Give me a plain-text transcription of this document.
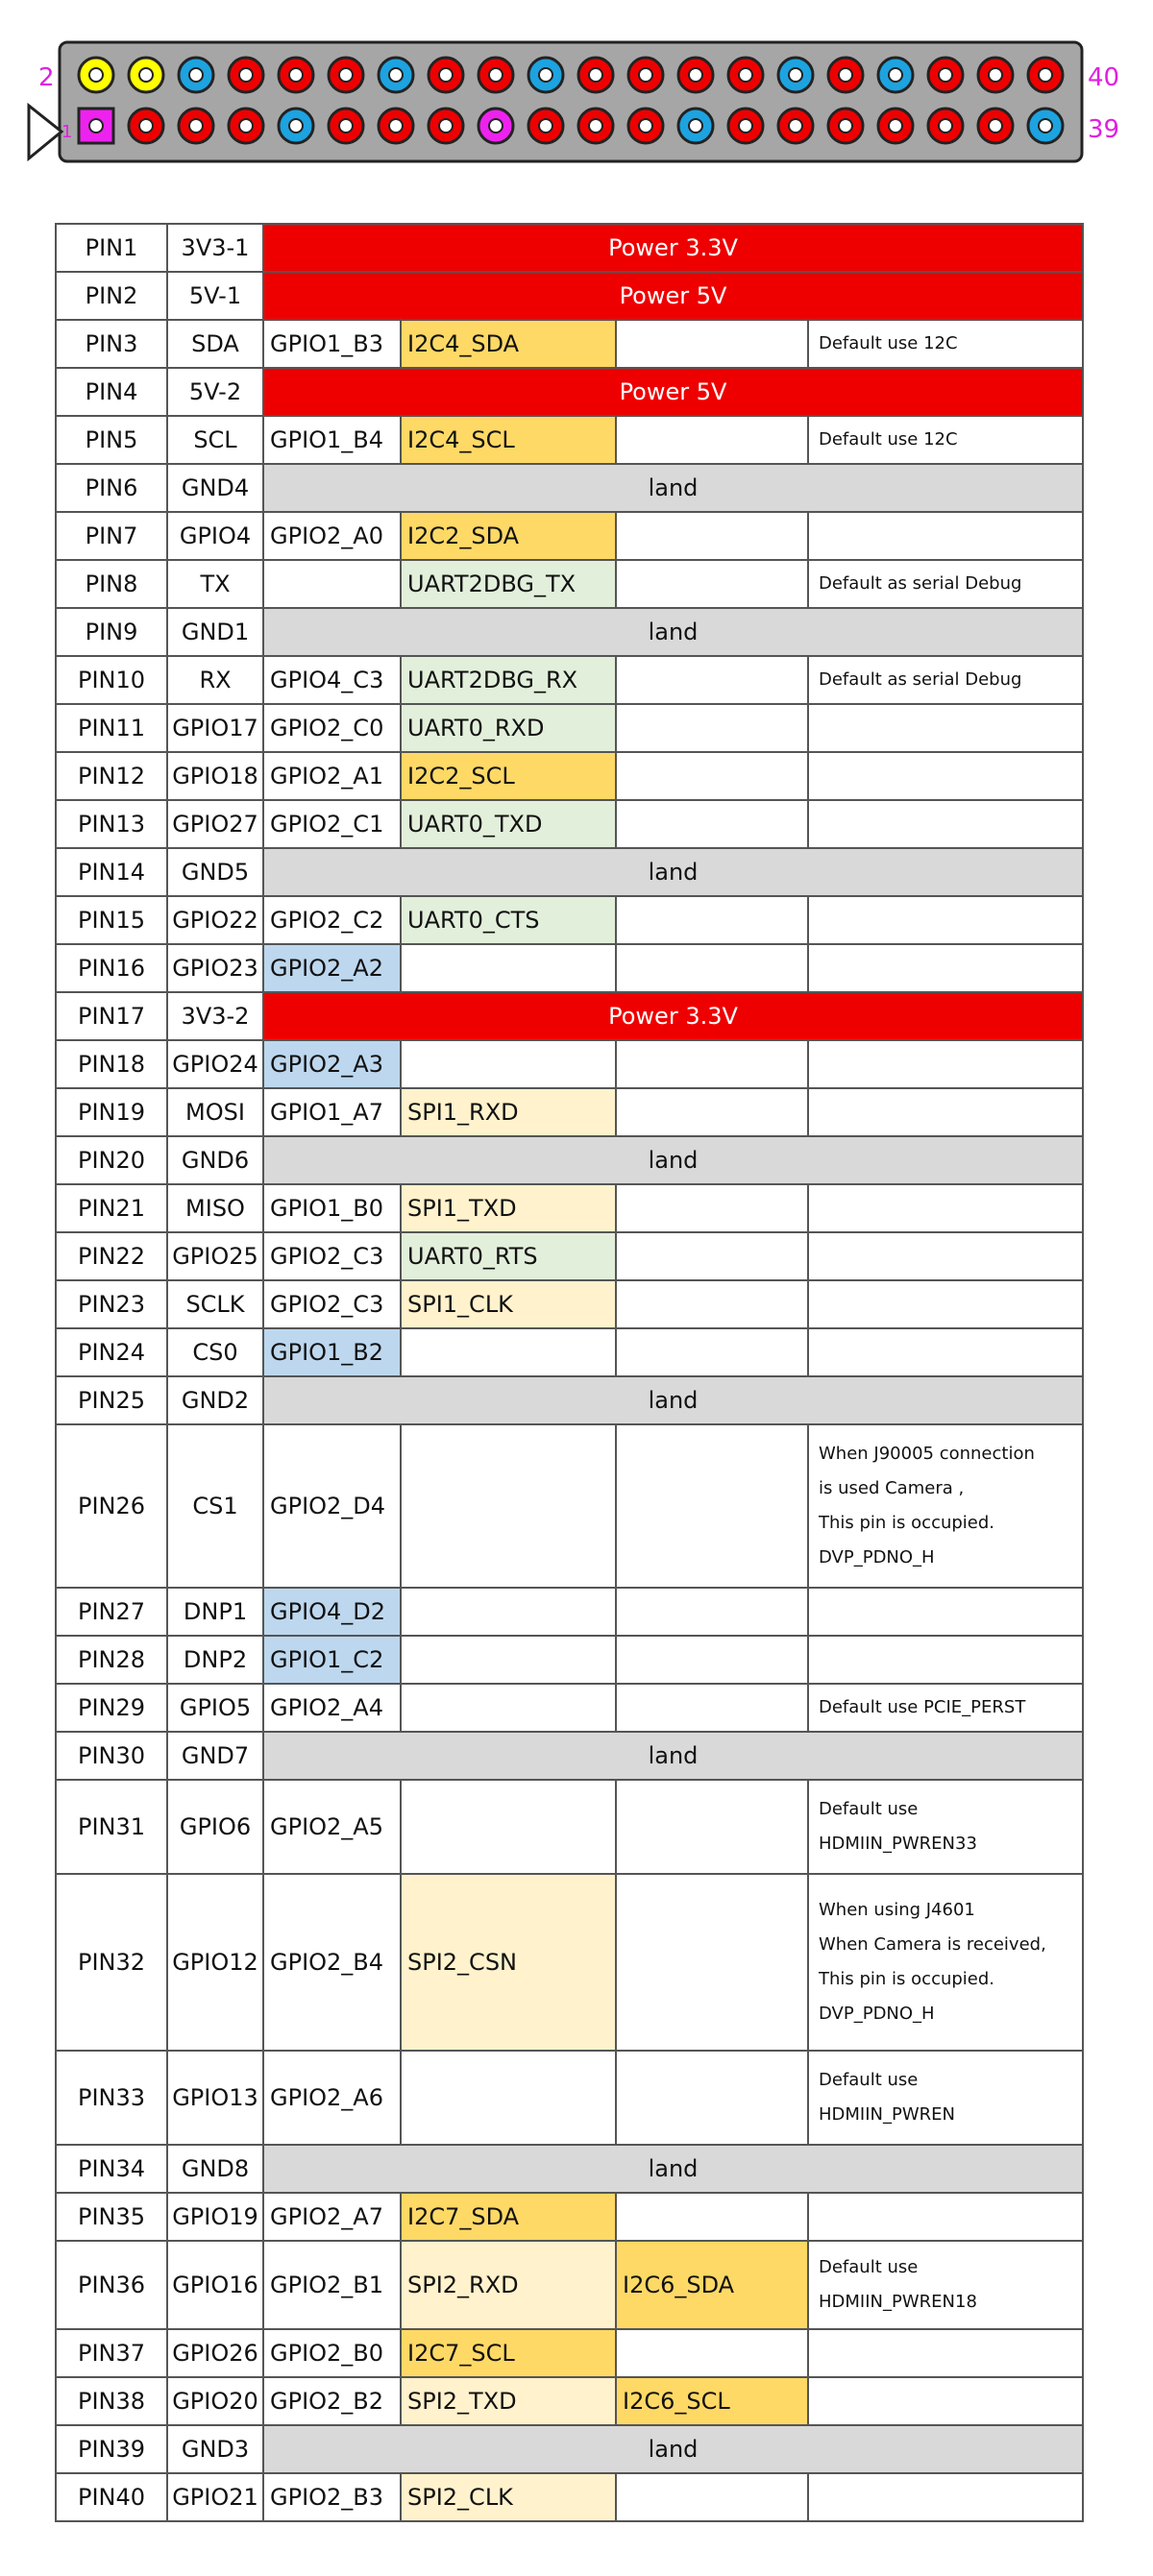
2	40
1	39
PIN1	3V3-1	Power 3.3V			
PIN2	5V-1	Power 5V			
PIN3	SDA	GPIO1_B3	I2C4_SDA		Default use 12C

PIN4	5V-2	Power 5V			
PIN5	SCL	GPIO1_B4	I2C4_SCL		Default use 12C

PIN6	GND4	land			
PIN7	GPIO4	GPIO2_A0	I2C2_SDA		
PIN8	TX		UART2DBG_TX		Default as serial Debug

PIN9	GND1	land			
PIN10	RX	GPIO4_C3	UART2DBG_RX		Default as serial Debug

PIN11	GPIO17	GPIO2_C0	UART0_RXD		
PIN12	GPIO18	GPIO2_A1	I2C2_SCL		
PIN13	GPIO27	GPIO2_C1	UART0_TXD		
PIN14	GND5	land			
PIN15	GPIO22	GPIO2_C2	UART0_CTS		
PIN16	GPIO23	GPIO2_A2			
PIN17	3V3-2	Power 3.3V			
PIN18	GPIO24	GPIO2_A3			
PIN19	MOSI	GPIO1_A7	SPI1_RXD		
PIN20	GND6	land			
PIN21	MISO	GPIO1_B0	SPI1_TXD		
PIN22	GPIO25	GPIO2_C3	UART0_RTS		
PIN23	SCLK	GPIO2_C3	SPI1_CLK		
PIN24	CS0	GPIO1_B2			
PIN25	GND2	land			
PIN26	CS1	GPIO2_D4			When J90005 connection
is used Camera ,
This pin is occupied.
DVP_PDNO_H

PIN27	DNP1	GPIO4_D2			
PIN28	DNP2	GPIO1_C2			
PIN29	GPIO5	GPIO2_A4			Default use PCIE_PERST

PIN30	GND7	land			
PIN31	GPIO6	GPIO2_A5			Default use
HDMIIN_PWREN33

PIN32	GPIO12	GPIO2_B4	SPI2_CSN		When using J4601
When Camera is received,
This pin is occupied.
DVP_PDNO_H

PIN33	GPIO13	GPIO2_A6			Default use
HDMIIN_PWREN

PIN34	GND8	land			
PIN35	GPIO19	GPIO2_A7	I2C7_SDA		
PIN36	GPIO16	GPIO2_B1	SPI2_RXD	I2C6_SDA	Default use
HDMIIN_PWREN18

PIN37	GPIO26	GPIO2_B0	I2C7_SCL		
PIN38	GPIO20	GPIO2_B2	SPI2_TXD	I2C6_SCL	
PIN39	GND3	land			
PIN40	GPIO21	GPIO2_B3	SPI2_CLK		
